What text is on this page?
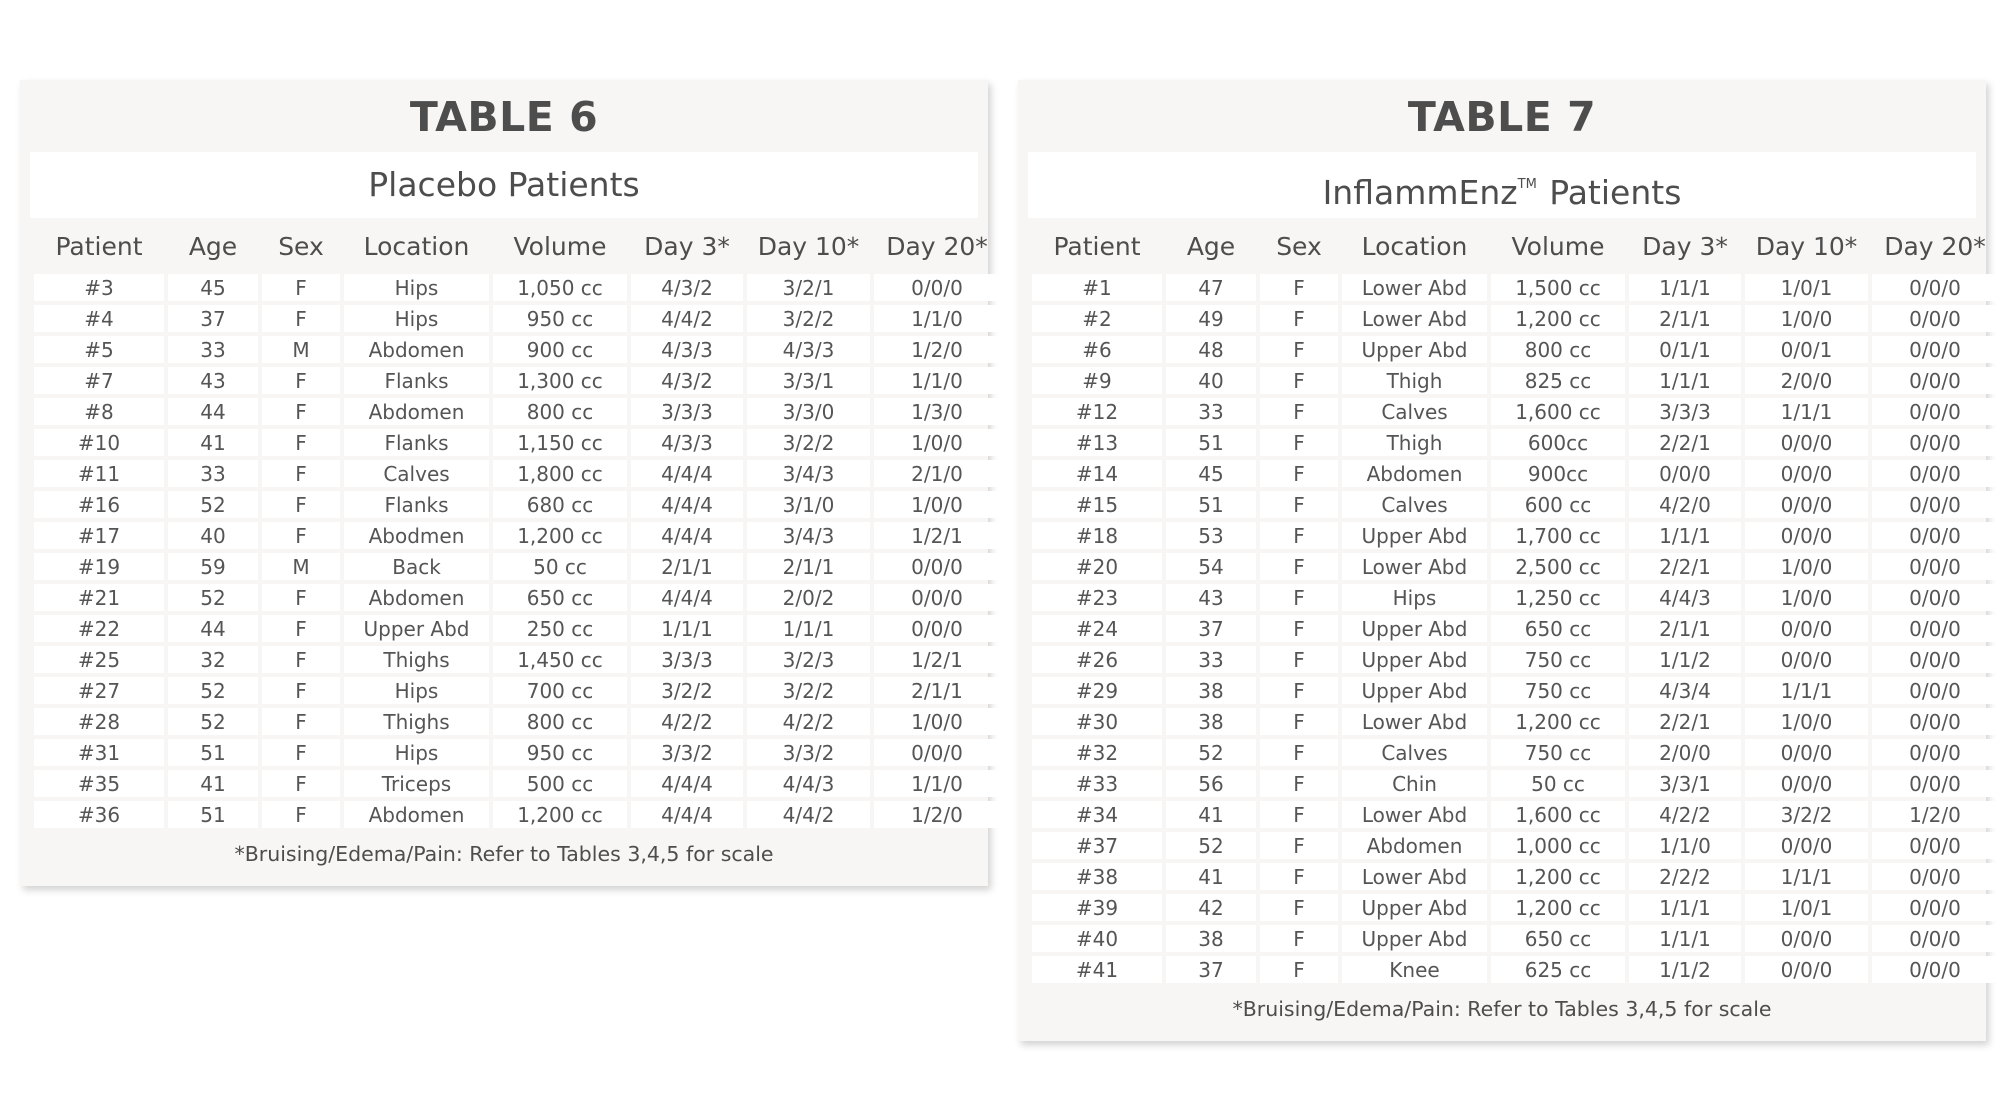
TABLE 6
Placebo Patients
Patient	Age	Sex	Location	Volume	Day 3*	Day 10*	Day 20*
#3	45	F	Hips	1,050 cc	4/3/2	3/2/1	0/0/0
#4	37	F	Hips	950 cc	4/4/2	3/2/2	1/1/0
#5	33	M	Abdomen	900 cc	4/3/3	4/3/3	1/2/0
#7	43	F	Flanks	1,300 cc	4/3/2	3/3/1	1/1/0
#8	44	F	Abdomen	800 cc	3/3/3	3/3/0	1/3/0
#10	41	F	Flanks	1,150 cc	4/3/3	3/2/2	1/0/0
#11	33	F	Calves	1,800 cc	4/4/4	3/4/3	2/1/0
#16	52	F	Flanks	680 cc	4/4/4	3/1/0	1/0/0
#17	40	F	Abodmen	1,200 cc	4/4/4	3/4/3	1/2/1
#19	59	M	Back	50 cc	2/1/1	2/1/1	0/0/0
#21	52	F	Abdomen	650 cc	4/4/4	2/0/2	0/0/0
#22	44	F	Upper Abd	250 cc	1/1/1	1/1/1	0/0/0
#25	32	F	Thighs	1,450 cc	3/3/3	3/2/3	1/2/1
#27	52	F	Hips	700 cc	3/2/2	3/2/2	2/1/1
#28	52	F	Thighs	800 cc	4/2/2	4/2/2	1/0/0
#31	51	F	Hips	950 cc	3/3/2	3/3/2	0/0/0
#35	41	F	Triceps	500 cc	4/4/4	4/4/3	1/1/0
#36	51	F	Abdomen	1,200 cc	4/4/4	4/4/2	1/2/0
*Bruising/Edema/Pain: Refer to Tables 3,4,5 for scale
TABLE 7
InflammEnz™ Patients
Patient	Age	Sex	Location	Volume	Day 3*	Day 10*	Day 20*
#1	47	F	Lower Abd	1,500 cc	1/1/1	1/0/1	0/0/0
#2	49	F	Lower Abd	1,200 cc	2/1/1	1/0/0	0/0/0
#6	48	F	Upper Abd	800 cc	0/1/1	0/0/1	0/0/0
#9	40	F	Thigh	825 cc	1/1/1	2/0/0	0/0/0
#12	33	F	Calves	1,600 cc	3/3/3	1/1/1	0/0/0
#13	51	F	Thigh	600cc	2/2/1	0/0/0	0/0/0
#14	45	F	Abdomen	900cc	0/0/0	0/0/0	0/0/0
#15	51	F	Calves	600 cc	4/2/0	0/0/0	0/0/0
#18	53	F	Upper Abd	1,700 cc	1/1/1	0/0/0	0/0/0
#20	54	F	Lower Abd	2,500 cc	2/2/1	1/0/0	0/0/0
#23	43	F	Hips	1,250 cc	4/4/3	1/0/0	0/0/0
#24	37	F	Upper Abd	650 cc	2/1/1	0/0/0	0/0/0
#26	33	F	Upper Abd	750 cc	1/1/2	0/0/0	0/0/0
#29	38	F	Upper Abd	750 cc	4/3/4	1/1/1	0/0/0
#30	38	F	Lower Abd	1,200 cc	2/2/1	1/0/0	0/0/0
#32	52	F	Calves	750 cc	2/0/0	0/0/0	0/0/0
#33	56	F	Chin	50 cc	3/3/1	0/0/0	0/0/0
#34	41	F	Lower Abd	1,600 cc	4/2/2	3/2/2	1/2/0
#37	52	F	Abdomen	1,000 cc	1/1/0	0/0/0	0/0/0
#38	41	F	Lower Abd	1,200 cc	2/2/2	1/1/1	0/0/0
#39	42	F	Upper Abd	1,200 cc	1/1/1	1/0/1	0/0/0
#40	38	F	Upper Abd	650 cc	1/1/1	0/0/0	0/0/0
#41	37	F	Knee	625 cc	1/1/2	0/0/0	0/0/0
*Bruising/Edema/Pain: Refer to Tables 3,4,5 for scale
